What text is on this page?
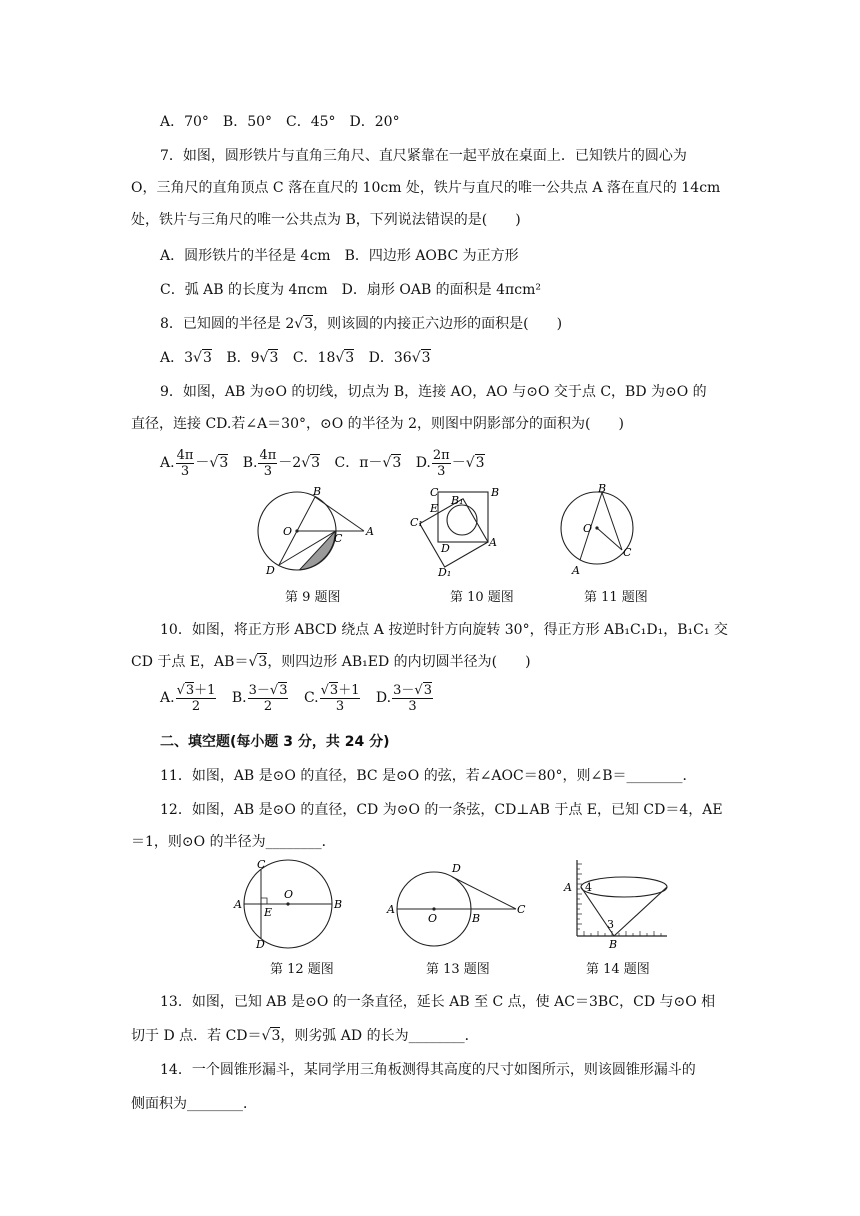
A．70°　B．50°　C．45°　D．20°
7．如图，圆形铁片与直角三角尺、直尺紧靠在一起平放在桌面上．已知铁片的圆心为
O，三角尺的直角顶点 C 落在直尺的 10cm 处，铁片与直尺的唯一公共点 A 落在直尺的 14cm
处，铁片与三角尺的唯一公共点为 B，下列说法错误的是(　　)
A．圆形铁片的半径是 4cm　B．四边形 AOBC 为正方形
C．弧 AB 的长度为 4πcm　D．扇形 OAB 的面积是 4πcm²
8．已知圆的半径是 2√3，则该圆的内接正六边形的面积是(　　)
A．3√3 B．9√3 C．18√3 D．36√3
9．如图，AB 为⊙O 的切线，切点为 B，连接 AO，AO 与⊙O 交于点 C，BD 为⊙O 的
直径，连接 CD.若∠A＝30°，⊙O 的半径为 2，则图中阴影部分的面积为(　　)
A. $\frac{4\pi}{3} -√3$ B. $\frac{4\pi}{3} -2√3$ C．π－√3 D. $\frac{2\pi}{3} -√3$
B
O
C
A
D
第 9 题图
C	B
B₁
E
C₁
D	A
D₁
第 10 题图
B
O
C
A
第 11 题图
10．如图，将正方形 ABCD 绕点 A 按逆时针方向旋转 30°，得正方形 AB₁C₁D₁，B₁C₁ 交
CD 于点 E，AB＝√3，则四边形 AB₁ED 的内切圆半径为(　　)
A. $\frac{√3+1}{2} B$. $\frac{3-√3}{2} C$. $\frac{√3+1}{3} D$. $\frac{3-√3}{3}$
二、填空题(每小题 3 分，共 24 分)
11．如图，AB 是⊙O 的直径，BC 是⊙O 的弦，若∠AOC＝80°，则∠B＝________．
12．如图，AB 是⊙O 的直径，CD 为⊙O 的一条弦，CD⊥AB 于点 E，已知 CD＝4，AE
＝1，则⊙O 的半径为________．
C
O
A
E
B
D
第 12 题图
D
A
O	B
C
第 13 题图
A 4
3
B
第 14 题图
13．如图，已知 AB 是⊙O 的一条直径，延长 AB 至 C 点，使 AC＝3BC，CD 与⊙O 相
切于 D 点．若 CD＝√3，则劣弧 AD 的长为________．
14．一个圆锥形漏斗，某同学用三角板测得其高度的尺寸如图所示，则该圆锥形漏斗的
侧面积为________．
